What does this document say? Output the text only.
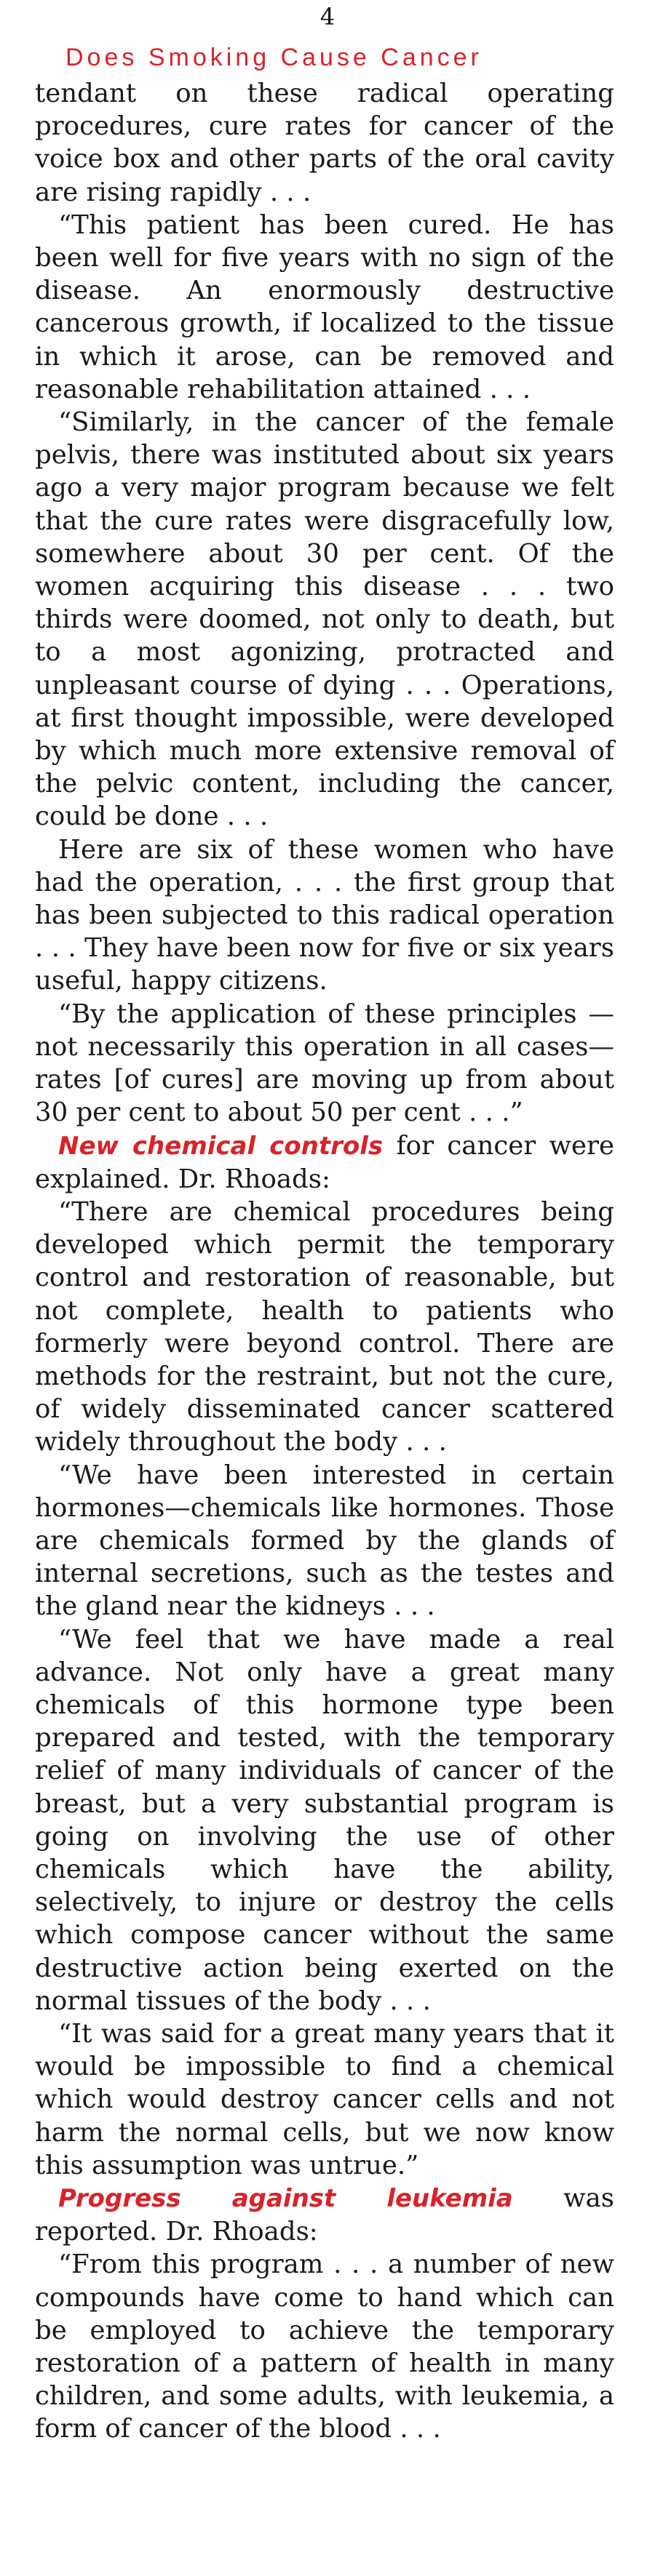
4
Does Smoking Cause Cancer

tendant on these radical operating procedures, cure rates for cancer of the voice box and other parts of the oral cavity are rising rapidly . . .

“This patient has been cured. He has been well for five years with no sign of the disease. An enormously destructive cancerous growth, if localized to the tissue in which it arose, can be removed and reasonable rehabilitation attained . . .

“Similarly, in the cancer of the female pelvis, there was instituted about six years ago a very major program because we felt that the cure rates were disgracefully low, somewhere about 30 per cent. Of the women acquiring this disease . . . two thirds were doomed, not only to death, but to a most agonizing, protracted and unpleasant course of dying . . . Operations, at first thought impossible, were developed by which much more extensive removal of the pelvic content, including the cancer, could be done . . .

Here are six of these women who have had the operation, . . . the first group that has been subjected to this radical operation . . . They have been now for five or six years useful, happy citizens.

“By the application of these principles —not necessarily this operation in all cases—rates [of cures] are moving up from about 30 per cent to about 50 per cent . . .”

New chemical controls for cancer were explained. Dr. Rhoads:

“There are chemical procedures being developed which permit the temporary control and restoration of reasonable, but not complete, health to patients who formerly were beyond control. There are methods for the restraint, but not the cure, of widely disseminated cancer scattered widely throughout the body . . .

“We have been interested in certain hormones—chemicals like hormones. Those are chemicals formed by the glands of internal secretions, such as the testes and the gland near the kidneys . . .

“We feel that we have made a real advance. Not only have a great many chemicals of this hormone type been prepared and tested, with the temporary relief of many individuals of cancer of the breast, but a very substantial program is going on involving the use of other chemicals which have the ability, selectively, to injure or destroy the cells which compose cancer without the same destructive action being exerted on the normal tissues of the body . . .

“It was said for a great many years that it would be impossible to find a chemical which would destroy cancer cells and not harm the normal cells, but we now know this assumption was untrue.”

Progress against leukemia was reported. Dr. Rhoads:

“From this program . . . a number of new compounds have come to hand which can be employed to achieve the temporary restoration of a pattern of health in many children, and some adults, with leukemia, a form of cancer of the blood . . .
